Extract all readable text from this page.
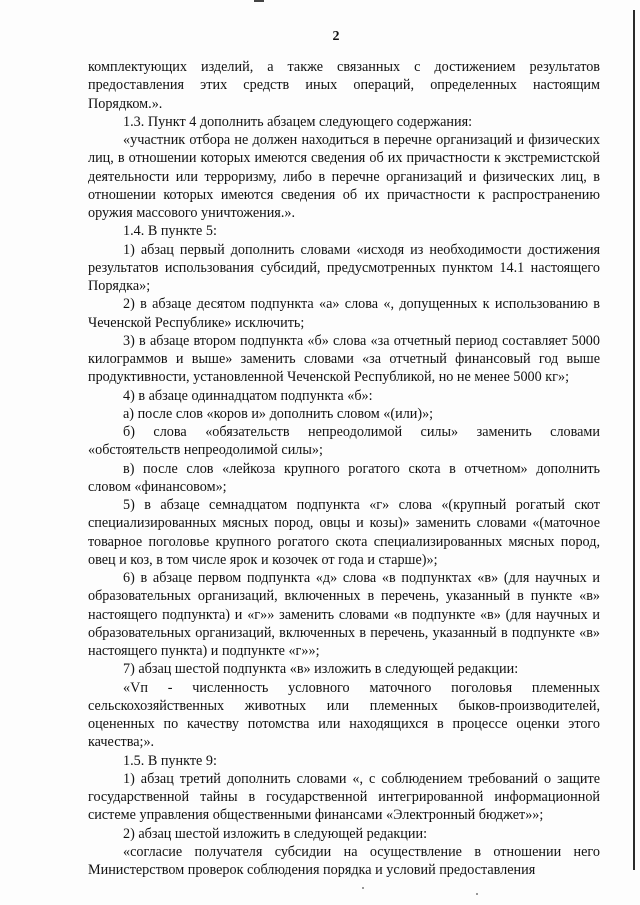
2

комплектующих изделий, а также связанных с достижением результатов предоставления этих средств иных операций, определенных настоящим Порядком.».

1.3. Пункт 4 дополнить абзацем следующего содержания:

«участник отбора не должен находиться в перечне организаций и физических лиц, в отношении которых имеются сведения об их причастности к экстремистской деятельности или терроризму, либо в перечне организаций и физических лиц, в отношении которых имеются сведения об их причастности к распространению оружия массового уничтожения.».

1.4. В пункте 5:

1) абзац первый дополнить словами «исходя из необходимости достижения результатов использования субсидий, предусмотренных пунктом 14.1 настоящего Порядка»;

2) в абзаце десятом подпункта «а» слова «, допущенных к использованию в Чеченской Республике» исключить;

3) в абзаце втором подпункта «б» слова «за отчетный период составляет 5000 килограммов и выше» заменить словами «за отчетный финансовый год выше продуктивности, установленной Чеченской Республикой, но не менее 5000 кг»;

4) в абзаце одиннадцатом подпункта «б»:

а) после слов «коров и» дополнить словом «(или)»;

б) слова «обязательств непреодолимой силы» заменить словами «обстоятельств непреодолимой силы»;

в) после слов «лейкоза крупного рогатого скота в отчетном» дополнить словом «финансовом»;

5) в абзаце семнадцатом подпункта «г» слова «(крупный рогатый скот специализированных мясных пород, овцы и козы)» заменить словами «(маточное товарное поголовье крупного рогатого скота специализированных мясных пород, овец и коз, в том числе ярок и козочек от года и старше)»;

6) в абзаце первом подпункта «д» слова «в подпунктах «в» (для научных и образовательных организаций, включенных в перечень, указанный в пункте «в» настоящего подпункта) и «г»» заменить словами «в подпункте «в» (для научных и образовательных организаций, включенных в перечень, указанный в подпункте «в» настоящего пункта) и подпункте «г»»;

7) абзац шестой подпункта «в» изложить в следующей редакции:

«Vп - численность условного маточного поголовья племенных сельскохозяйственных животных или племенных быков-производителей, оцененных по качеству потомства или находящихся в процессе оценки этого качества;».

1.5. В пункте 9:

1) абзац третий дополнить словами «, с соблюдением требований о защите государственной тайны в государственной интегрированной информационной системе управления общественными финансами «Электронный бюджет»»;

2) абзац шестой изложить в следующей редакции:

«согласие получателя субсидии на осуществление в отношении него Министерством проверок соблюдения порядка и условий предоставления
